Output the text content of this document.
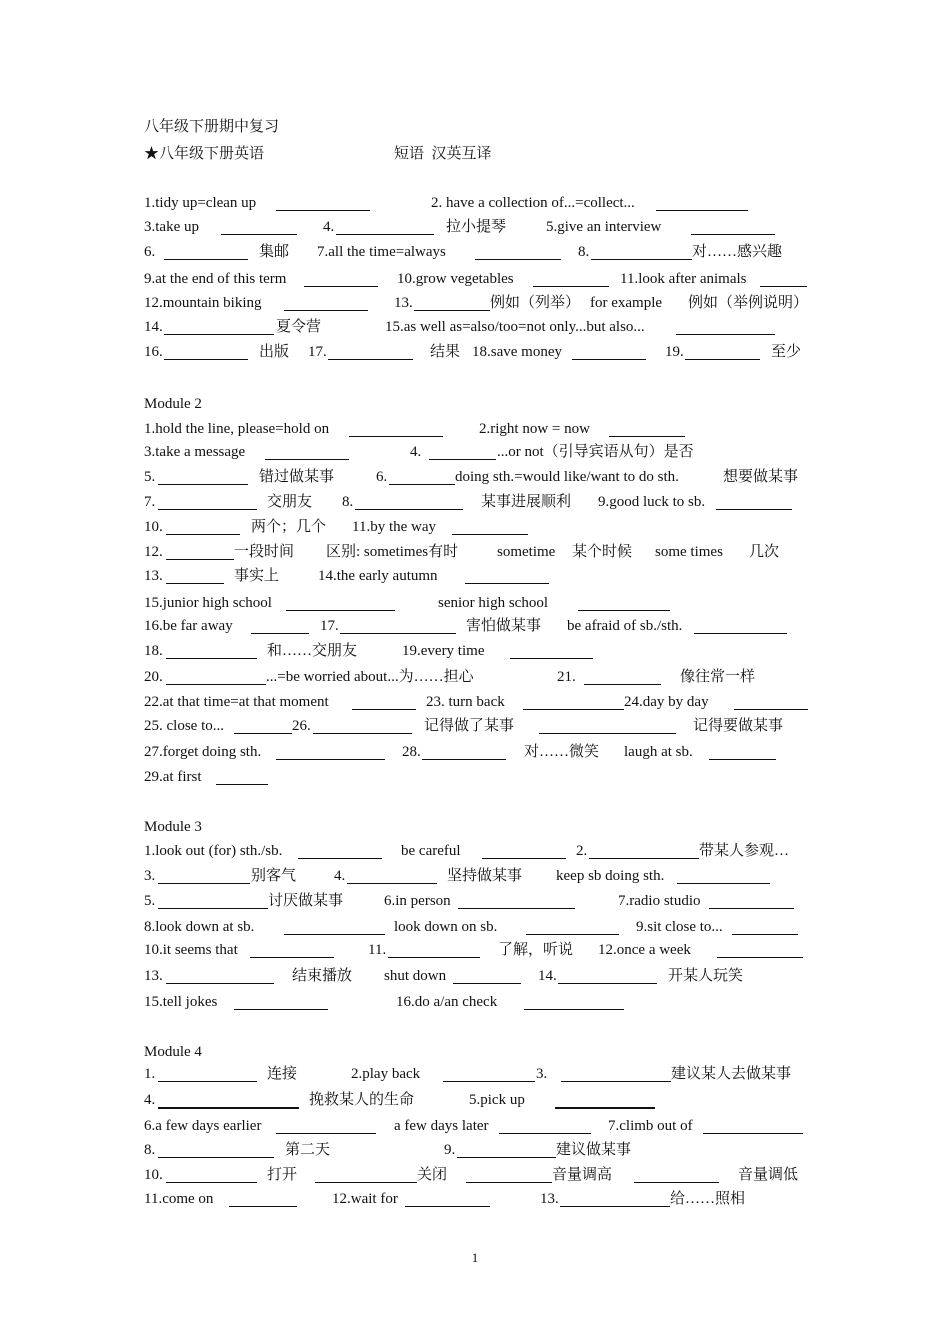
八年级下册期中复习
★八年级下册英语	短语  汉英互译
1.tidy up=clean up	2. have a collection of...=collect...
3.take up	4.	拉小提琴	5.give an interview
6.	集邮 7.all the time=always	8.	对……感兴趣
9.at the end of this term	10.grow vegetables	11.look after animals
12.mountain biking	13.	例如（列举） for example 例如（举例说明）
14.	夏令营	15.as well as=also/too=not only...but also...
16.	出版 17.	结果 18.save money	19.	至少
Module 2
1.hold the line, please=hold on	2.right now = now
3.take a message	4.	...or not（引导宾语从句）是否
5.	错过做某事	6.	doing sth.=would like/want to do sth.	想要做某事
7.	交朋友 8.	某事进展顺利 9.good luck to sb.
10.	两个；几个 11.by the way
12.	一段时间 区别: sometimes有时	sometime 某个时候 some times 几次
13.	事实上	14.the early autumn
15.junior high school	senior high school
16.be far away	17.	害怕做某事 be afraid of sb./sth.
18.	和……交朋友	19.every time
20.	...=be worried about...为……担心	21.	像往常一样
22.at that time=at that moment	23. turn back	24.day by day
25. close to...	26.	记得做了某事	记得要做某事
27.forget doing sth.	28.	对……微笑 laugh at sb.
29.at first
Module 3
1.look out (for) sth./sb.	be careful	2.	带某人参观…
3.	别客气	4.	坚持做某事 keep sb doing sth.
5.	讨厌做某事	6.in person	7.radio studio
8.look down at sb.	look down on sb.	9.sit close to...
10.it seems that	11.	了解，听说 12.once a week
13.	结束播放 shut down	14.	开某人玩笑
15.tell jokes	16.do a/an check
Module 4
1.	连接	2.play back	3.	建议某人去做某事
4.	挽救某人的生命	5.pick up
6.a few days earlier	a few days later	7.climb out of
8.	第二天	9.	建议做某事
10.	打开	关闭	音量调高	音量调低
11.come on	12.wait for	13.	给……照相
1
